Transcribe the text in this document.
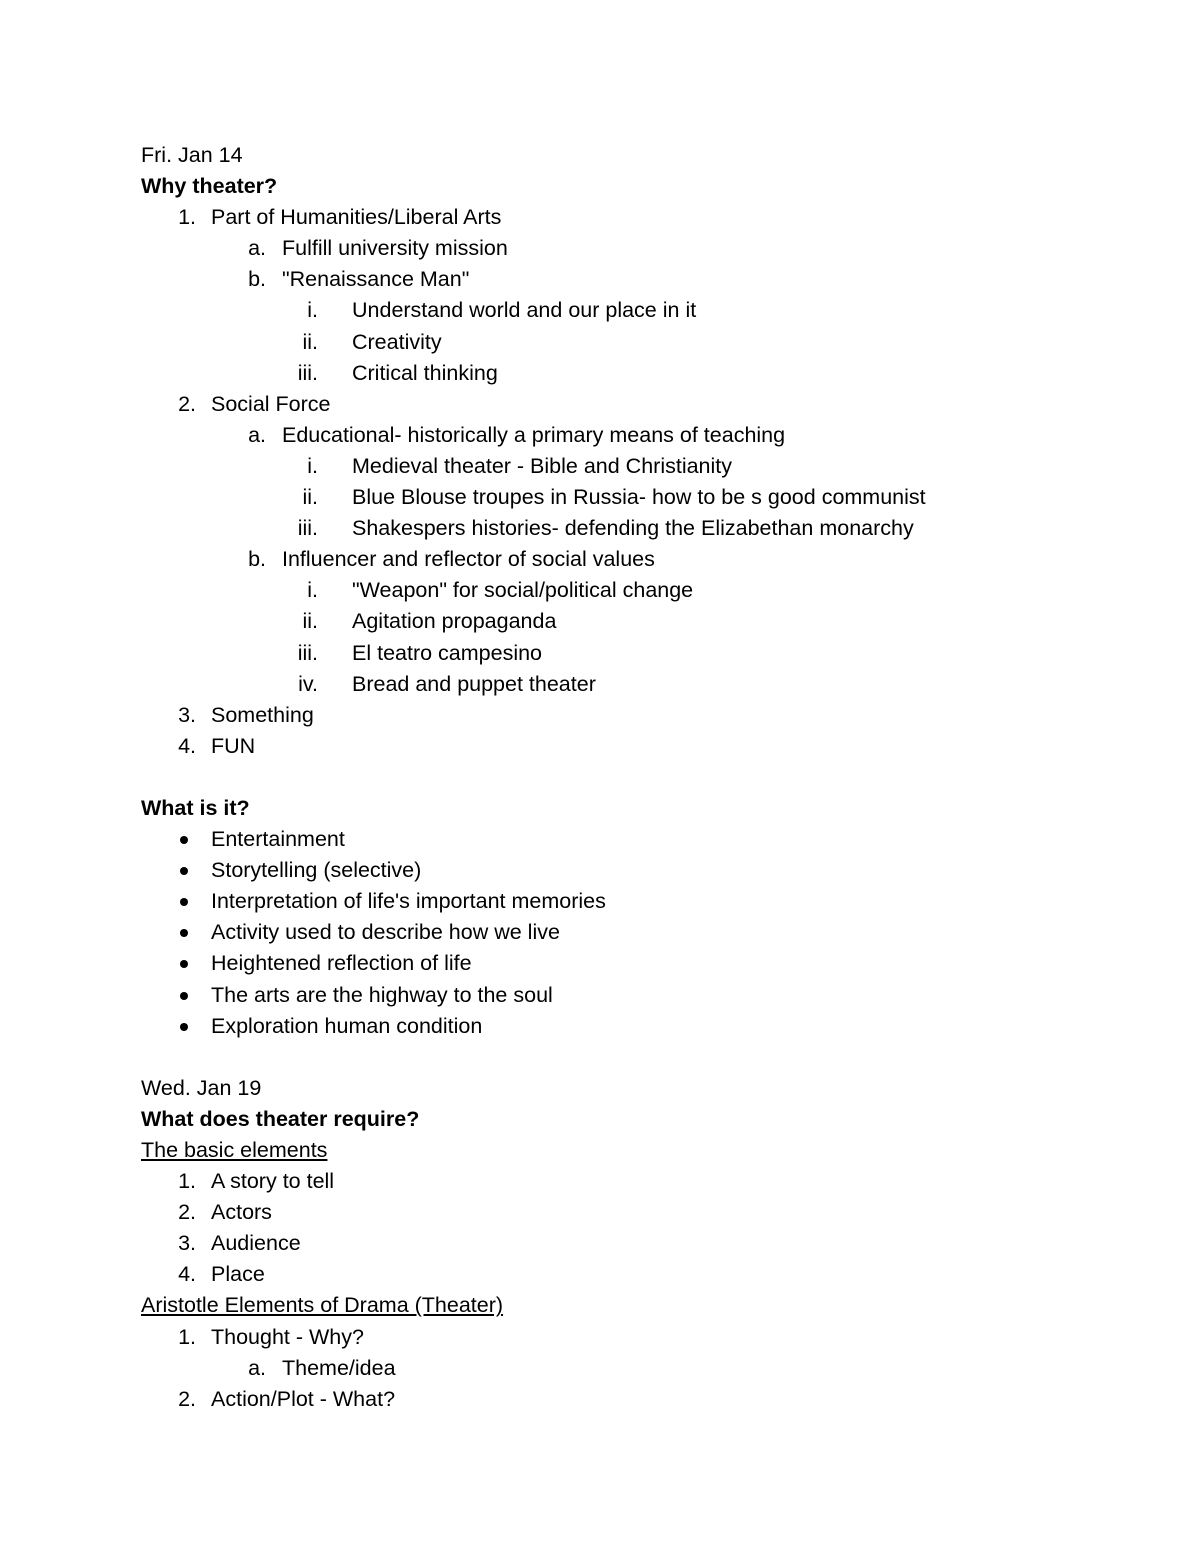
Fri. Jan 14
Why theater?
1. Part of Humanities/Liberal Arts
a. Fulfill university mission
b. "Renaissance Man"
i. Understand world and our place in it
ii. Creativity
iii. Critical thinking
2. Social Force
a. Educational- historically a primary means of teaching
i. Medieval theater - Bible and Christianity
ii. Blue Blouse troupes in Russia- how to be s good communist
iii. Shakespers histories- defending the Elizabethan monarchy
b. Influencer and reflector of social values
i. "Weapon" for social/political change
ii. Agitation propaganda
iii. El teatro campesino
iv. Bread and puppet theater
3. Something
4. FUN
What is it?
Entertainment
Storytelling (selective)
Interpretation of life's important memories
Activity used to describe how we live
Heightened reflection of life
The arts are the highway to the soul
Exploration human condition
Wed. Jan 19
What does theater require?
The basic elements
1. A story to tell
2. Actors
3. Audience
4. Place
Aristotle Elements of Drama (Theater)
1. Thought - Why?
a. Theme/idea
2. Action/Plot - What?
